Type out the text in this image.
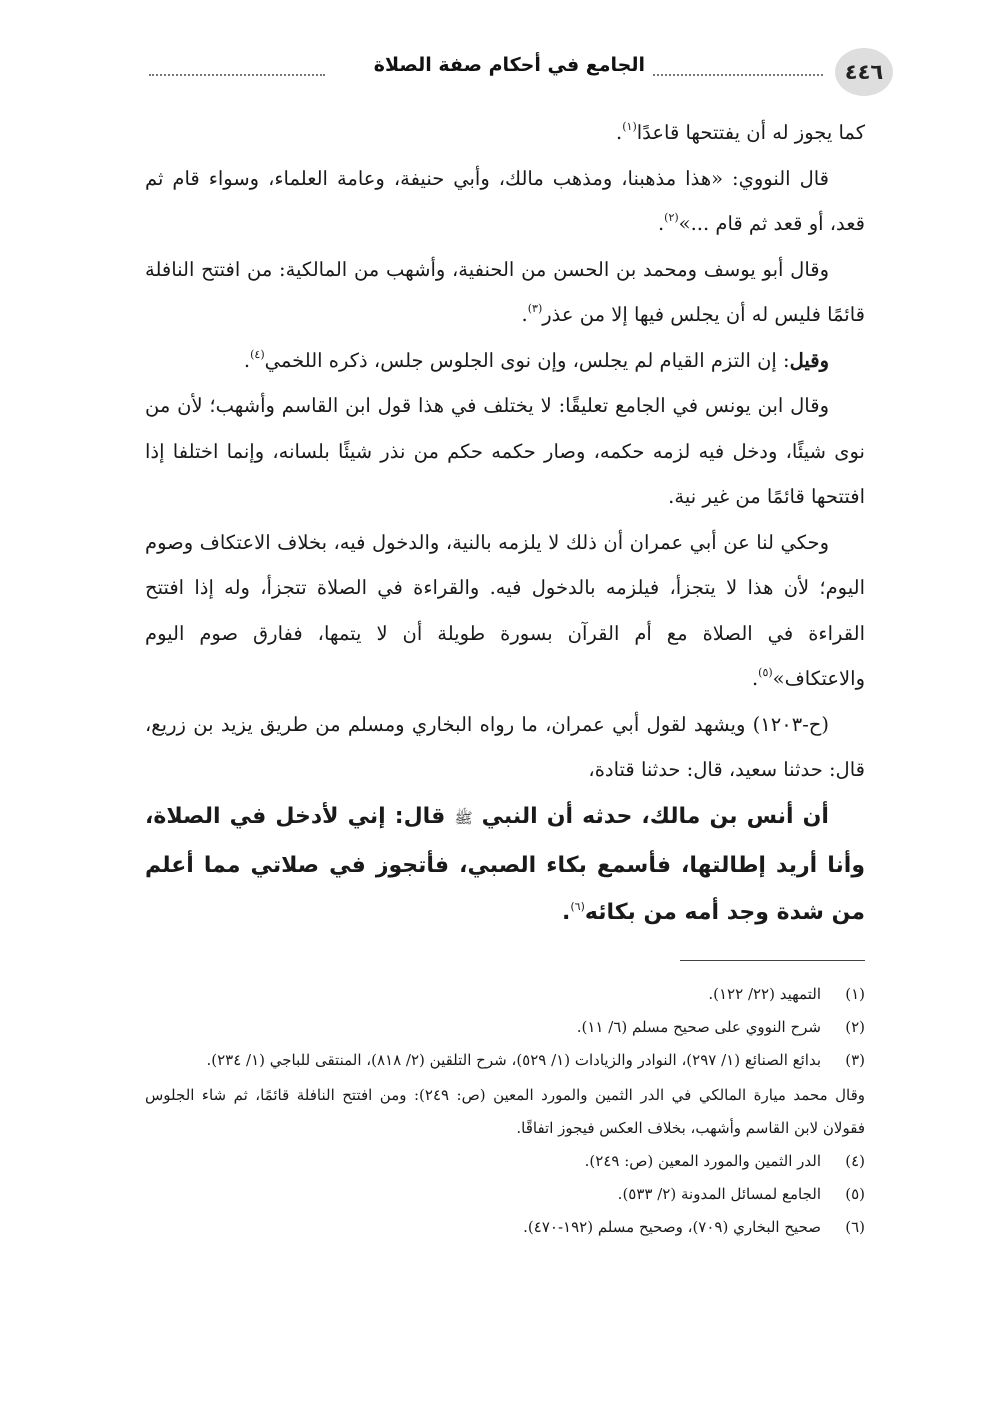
٤٤٦
الجامع في أحكام صفة الصلاة

كما يجوز له أن يفتتحها قاعدًا$^{(١)}$.

قال النووي: «هذا مذهبنا، ومذهب مالك، وأبي حنيفة، وعامة العلماء، وسواء قام ثم قعد، أو قعد ثم قام ...»$^{(٢)}$.

وقال أبو يوسف ومحمد بن الحسن من الحنفية، وأشهب من المالكية: من افتتح النافلة قائمًا فليس له أن يجلس فيها إلا من عذر$^{(٣)}$.

وقيل: إن التزم القيام لم يجلس، وإن نوى الجلوس جلس، ذكره اللخمي$^{(٤)}$.

وقال ابن يونس في الجامع تعليقًا: لا يختلف في هذا قول ابن القاسم وأشهب؛ لأن من نوى شيئًا، ودخل فيه لزمه حكمه، وصار حكمه حكم من نذر شيئًا بلسانه، وإنما اختلفا إذا افتتحها قائمًا من غير نية.

وحكي لنا عن أبي عمران أن ذلك لا يلزمه بالنية، والدخول فيه، بخلاف الاعتكاف وصوم اليوم؛ لأن هذا لا يتجزأ، فيلزمه بالدخول فيه. والقراءة في الصلاة تتجزأ، وله إذا افتتح القراءة في الصلاة مع أم القرآن بسورة طويلة أن لا يتمها، ففارق صوم اليوم والاعتكاف»$^{(٥)}$.

(ح-١٢٠٣) ويشهد لقول أبي عمران، ما رواه البخاري ومسلم من طريق يزيد بن زريع، قال: حدثنا سعيد، قال: حدثنا قتادة،

أن أنس بن مالك، حدثه أن النبي ﷺ قال: إني لأدخل في الصلاة، وأنا أريد إطالتها، فأسمع بكاء الصبي، فأتجوز في صلاتي مما أعلم من شدة وجد أمه من بكائه$^{(٦)}$.

(١)
التمهيد (٢٢/ ١٢٢).
(٢)
شرح النووي على صحيح مسلم (٦/ ١١).
(٣)
بدائع الصنائع (١/ ٢٩٧)، النوادر والزيادات (١/ ٥٢٩)، شرح التلقين (٢/ ٨١٨)، المنتقى للباجي (١/ ٢٣٤).

وقال محمد ميارة المالكي في الدر الثمين والمورد المعين (ص: ٢٤٩): ومن افتتح النافلة قائمًا، ثم شاء الجلوس فقولان لابن القاسم وأشهب، بخلاف العكس فيجوز اتفاقًا.

(٤)
الدر الثمين والمورد المعين (ص: ٢٤٩).
(٥)
الجامع لمسائل المدونة (٢/ ٥٣٣).
(٦)
صحيح البخاري (٧٠٩)، وصحيح مسلم (١٩٢-٤٧٠).
